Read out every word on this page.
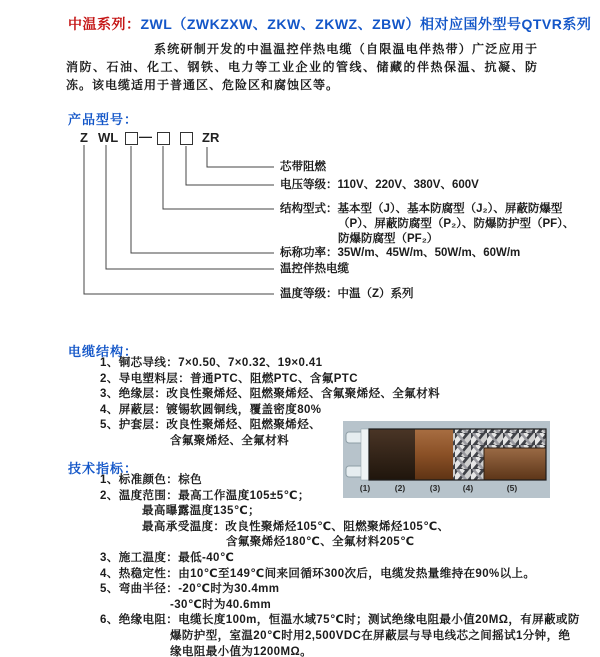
中温系列：ZWL（ZWKZXW、ZKW、ZKWZ、ZBW）相对应国外型号QTVR系列
系统研制开发的中温温控伴热电缆（自限温电伴热带）广泛应用于消防、石油、化工、钢铁、电力等工业企业的管线、储藏的伴热保温、抗凝、防冻。该电缆适用于普通区、危险区和腐蚀区等。
产品型号：
Z WL —	ZR
芯带阻燃
电压等级：110V、220V、380V、600V
结构型式：基本型（J）、基本防腐型（J₂）、屏蔽防爆型
（P）、屏蔽防腐型（P₂）、防爆防护型（PF）、
防爆防腐型（PF₂）
标称功率：35W/m、45W/m、50W/m、60W/m
温控伴热电缆
温度等级：中温（Z）系列
电缆结构：
1、铜芯导线：7×0.50、7×0.32、19×0.41
2、导电塑料层：普通PTC、阻燃PTC、含氟PTC
3、绝缘层：改良性聚烯烃、阻燃聚烯烃、含氟聚烯烃、全氟材料
4、屏蔽层：镀锡软圆铜线，覆盖密度80%
5、护套层：改良性聚烯烃、阻燃聚烯烃、
含氟聚烯烃、全氟材料
(1)	(2)	(3)	(4)	(5)
技术指标：
1、标准颜色：棕色
2、温度范围：最高工作温度105±5℃；
最高曝露温度135℃；
最高承受温度：改良性聚烯烃105℃、阻燃聚烯烃105℃、
含氟聚烯烃180℃、全氟材料205℃
3、施工温度：最低-40℃
4、热稳定性：由10℃至149℃间来回循环300次后，电缆发热量维持在90%以上。
5、弯曲半径：-20℃时为30.4mm
-30℃时为40.6mm
6、绝缘电阻：电缆长度100m，恒温水域75℃时；测试绝缘电阻最小值20MΩ，有屏蔽或防
爆防护型，室温20℃时用2,500VDC在屏蔽层与导电线芯之间摇试1分钟，绝
缘电阻最小值为1200MΩ。
